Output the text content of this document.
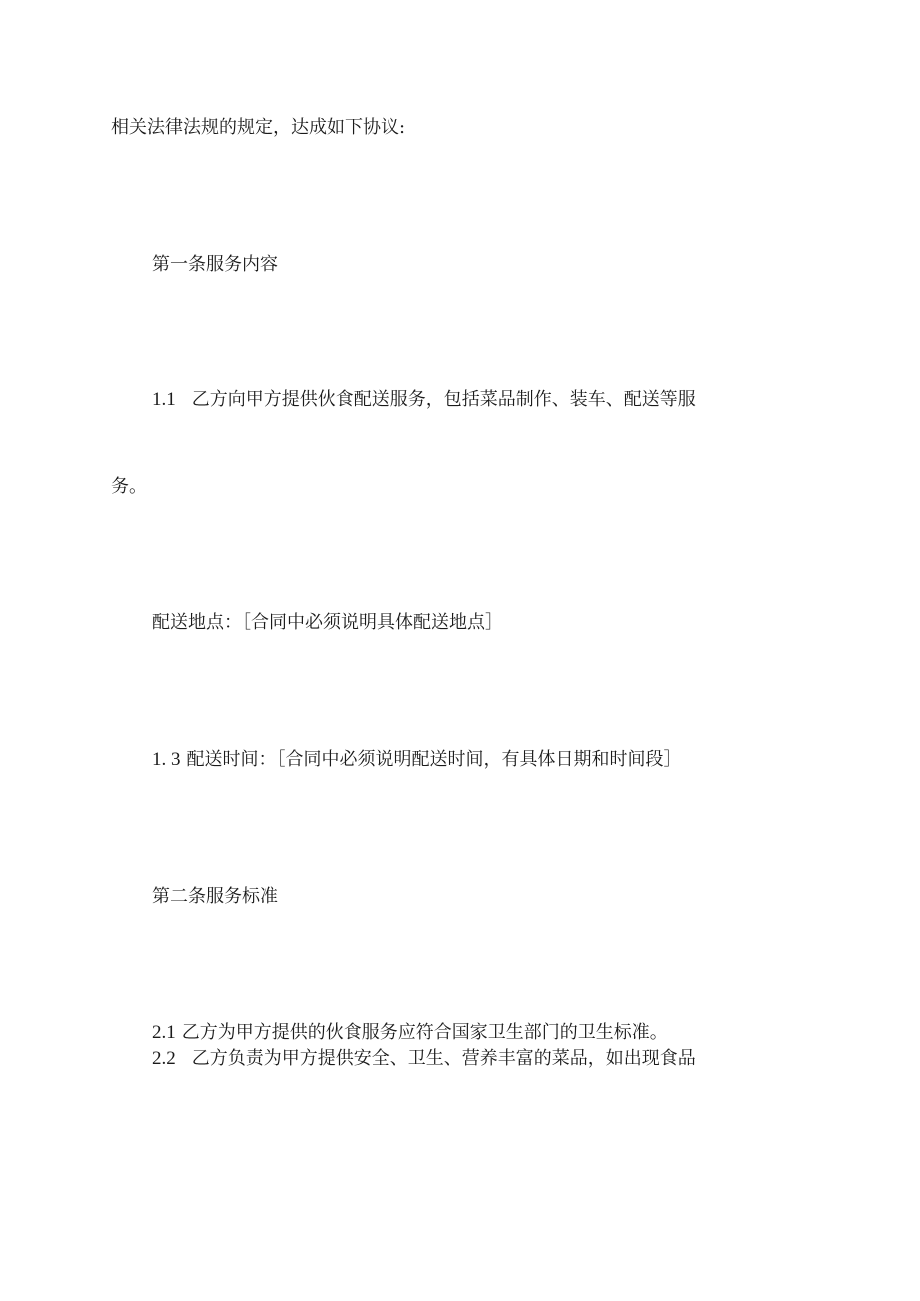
相关法律法规的规定，达成如下协议:
第一条服务内容
1.1 乙方向甲方提供伙食配送服务，包括菜品制作、装车、配送等服
务。
配送地点：［合同中必须说明具体配送地点］
1. 3 配送时间：［合同中必须说明配送时间，有具体日期和时间段］
第二条服务标准
2.1 乙方为甲方提供的伙食服务应符合国家卫生部门的卫生标准。
2.2 乙方负责为甲方提供安全、卫生、营养丰富的菜品，如出现食品
